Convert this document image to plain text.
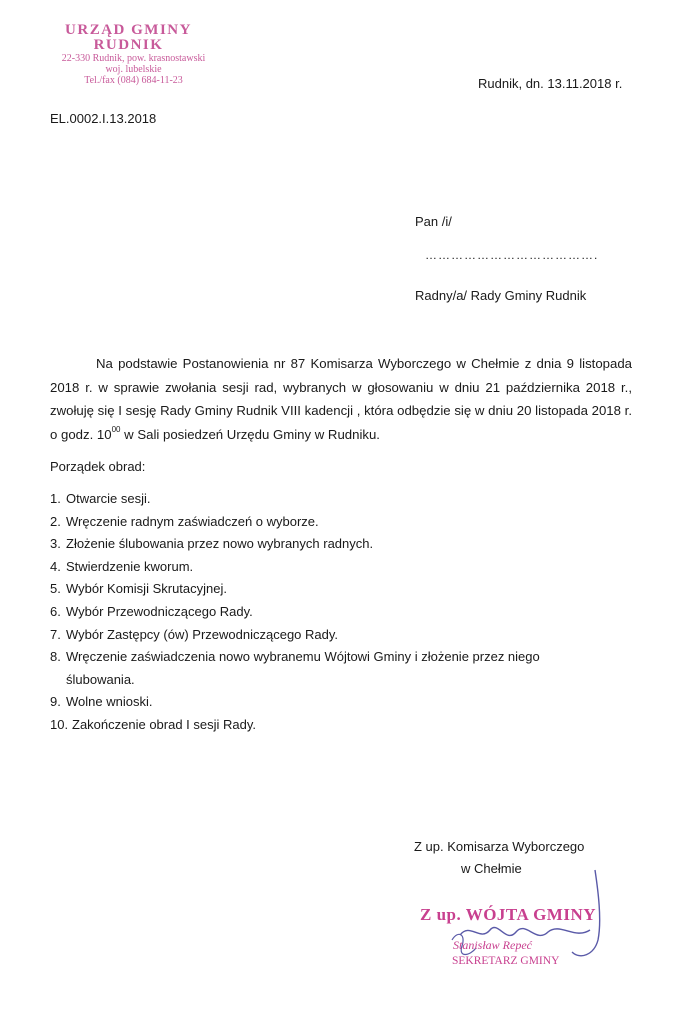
URZĄD GMINY
RUDNIK
22-330 Rudnik, pow. krasnostawski
woj. lubelskie
Tel./fax (084) 684-11-23	Rudnik, dn. 13.11.2018 r.
EL.0002.I.13.2018
Pan /i/
………………………………….
Radny/a/ Rady Gminy Rudnik
Na podstawie Postanowienia nr 87 Komisarza Wyborczego w Chełmie z dnia 9 listopada 2018 r. w sprawie zwołania sesji rad, wybranych w głosowaniu w dniu 21 października 2018 r., zwołuję się I sesję Rady Gminy Rudnik VIII kadencji , która odbędzie się w dniu 20 listopada 2018 r. o godz. $10^{00}$ w Sali posiedzeń Urzędu Gminy w Rudniku.
Porządek obrad:
1. Otwarcie sesji.
2. Wręczenie radnym zaświadczeń o wyborze.
3. Złożenie ślubowania przez nowo wybranych radnych.
4. Stwierdzenie kworum.
5. Wybór Komisji Skrutacyjnej.
6. Wybór Przewodniczącego Rady.
7. Wybór Zastępcy (ów) Przewodniczącego Rady.
8. Wręczenie zaświadczenia nowo wybranemu Wójtowi Gminy i złożenie przez niego
ślubowania.
9. Wolne wnioski.
10. Zakończenie obrad I sesji Rady.
Z up. Komisarza Wyborczego
w Chełmie
Z up. WÓJTA GMINY
Stanisław Repeć
SEKRETARZ GMINY
